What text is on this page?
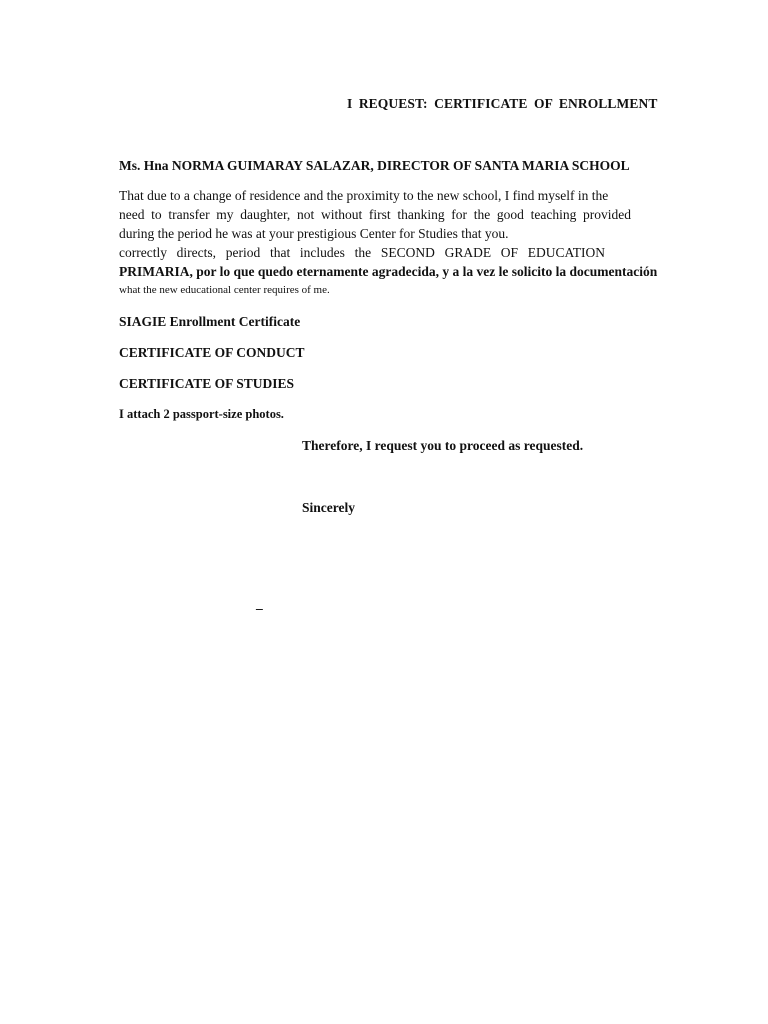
I REQUEST: CERTIFICATE OF ENROLLMENT

Ms. Hna NORMA GUIMARAY SALAZAR, DIRECTOR OF SANTA MARIA SCHOOL

That due to a change of residence and the proximity to the new school, I find myself in the

need to transfer my daughter, not without first thanking for the good teaching provided

during the period he was at your prestigious Center for Studies that you.

correctly directs, period that includes the SECOND GRADE OF EDUCATION

PRIMARIA, por lo que quedo eternamente agradecida, y a la vez le solicito la documentación

what the new educational center requires of me.

SIAGIE Enrollment Certificate

CERTIFICATE OF CONDUCT

CERTIFICATE OF STUDIES

I attach 2 passport-size photos.

Therefore, I request you to proceed as requested.

Sincerely

_
